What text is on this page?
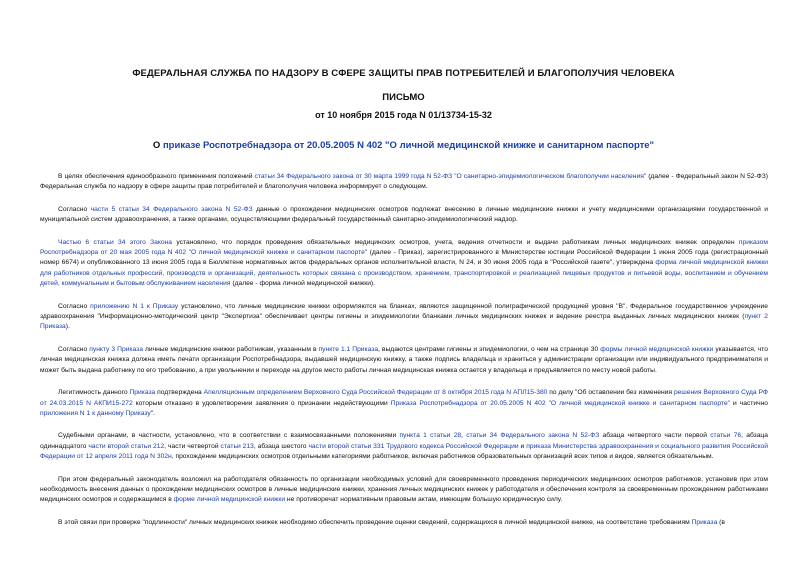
ФЕДЕРАЛЬНАЯ СЛУЖБА ПО НАДЗОРУ В СФЕРЕ ЗАЩИТЫ ПРАВ ПОТРЕБИТЕЛЕЙ И БЛАГОПОЛУЧИЯ ЧЕЛОВЕКА
ПИСЬМО
от 10 ноября 2015 года N 01/13734-15-32
О приказе Роспотребнадзора от 20.05.2005 N 402 "О личной медицинской книжке и санитарном паспорте"

В целях обеспечения единообразного применения положений статьи 34 Федерального закона от 30 марта 1999 года N 52-ФЗ "О санитарно-эпидемиологическом благополучии населения" (далее - Федеральный закон N 52-ФЗ) Федеральная служба по надзору в сфере защиты прав потребителей и благополучия человека информирует о следующем.

Согласно части 5 статьи 34 Федерального закона N 52-ФЗ данные о прохождении медицинских осмотров подлежат внесению в личные медицинские книжки и учету медицинскими организациями государственной и муниципальной систем здравоохранения, а также органами, осуществляющими федеральный государственный санитарно-эпидемиологический надзор.

Частью 6 статьи 34 этого Закона установлено, что порядок проведения обязательных медицинских осмотров, учета, ведения отчетности и выдачи работникам личных медицинских книжек определен приказом Роспотребнадзора от 20 мая 2005 года N 402 "О личной медицинской книжке и санитарном паспорте" (далее - Приказ), зарегистрированного в Министерстве юстиции Российской Федерации 1 июня 2005 года (регистрационный номер 6674) и опубликованного 13 июня 2005 года в Бюллетене нормативных актов федеральных органов исполнительной власти, N 24, и 30 июня 2005 года в "Российской газете", утверждена форма личной медицинской книжки для работников отдельных профессий, производств и организаций, деятельность которых связана с производством, хранением, транспортировкой и реализацией пищевых продуктов и питьевой воды, воспитанием и обучением детей, коммунальным и бытовым обслуживанием населения (далее - форма личной медицинской книжки).

Согласно приложению N 1 к Приказу установлено, что личные медицинские книжки оформляются на бланках, являются защищенной полиграфической продукцией уровня "В". Федеральное государственное учреждение здравоохранения "Информационно-методический центр "Экспертиза" обеспечивает центры гигиены и эпидемиологии бланками личных медицинских книжек и ведение реестра выданных личных медицинских книжек (пункт 2 Приказа).

Согласно пункту 3 Приказа личные медицинские книжки работникам, указанным в пункте 1.1 Приказа, выдаются центрами гигиены и эпидемиологии, о чем на странице 30 формы личной медицинской книжки указывается, что личная медицинская книжка должна иметь печати организации Роспотребнадзора, выдавшей медицинскую книжку, а также подпись владельца и храниться у администрации организации или индивидуального предпринимателя и может быть выдана работнику по его требованию, а при увольнении и переходе на другое место работы личная медицинская книжка остается у владельца и предъявляется по месту новой работы.

Легитимность данного Приказа подтверждена Апелляционным определением Верховного Суда Российской Федерации от 8 октября 2015 года N АПЛ15-380 по делу "Об оставлении без изменения решения Верховного Суда РФ от 24.03.2015 N АКПИ15-272 которым отказано в удовлетворении заявления о признании недействующими Приказа Роспотребнадзора от 20.05.2005 N 402 "О личной медицинской книжке и санитарном паспорте" и частично приложения N 1 к данному Приказу".

Судебными органами, в частности, установлено, что в соответствии с взаимосвязанными положениями пункта 1 статьи 28, статьи 34 Федерального закона N 52-ФЗ абзаца четвертого части первой статьи 76, абзаца одиннадцатого части второй статьи 212, части четвертой статьи 213, абзаца шестого части второй статьи 331 Трудового кодекса Российской Федерации и приказа Министерства здравоохранения и социального развития Российской Федерации от 12 апреля 2011 года N 302н, прохождение медицинских осмотров отдельными категориями работников, включая работников образовательных организаций всех типов и видов, является обязательным.

При этом федеральный законодатель возложил на работодателя обязанность по организации необходимых условий для своевременного проведения периодических медицинских осмотров работников, установив при этом необходимость внесения данных о прохождении медицинских осмотров в личные медицинские книжки, хранения личных медицинских книжек у работодателя и обеспечения контроля за своевременным прохождением работниками медицинских осмотров и содержащимся в форме личной медицинской книжки не противоречат нормативным правовым актам, имеющим большую юридическую силу.

В этой связи при проверке "подлинности" личных медицинских книжек необходимо обеспечить проведение оценки сведений, содержащихся в личной медицинской книжке, на соответствие требованиям Приказа (в
